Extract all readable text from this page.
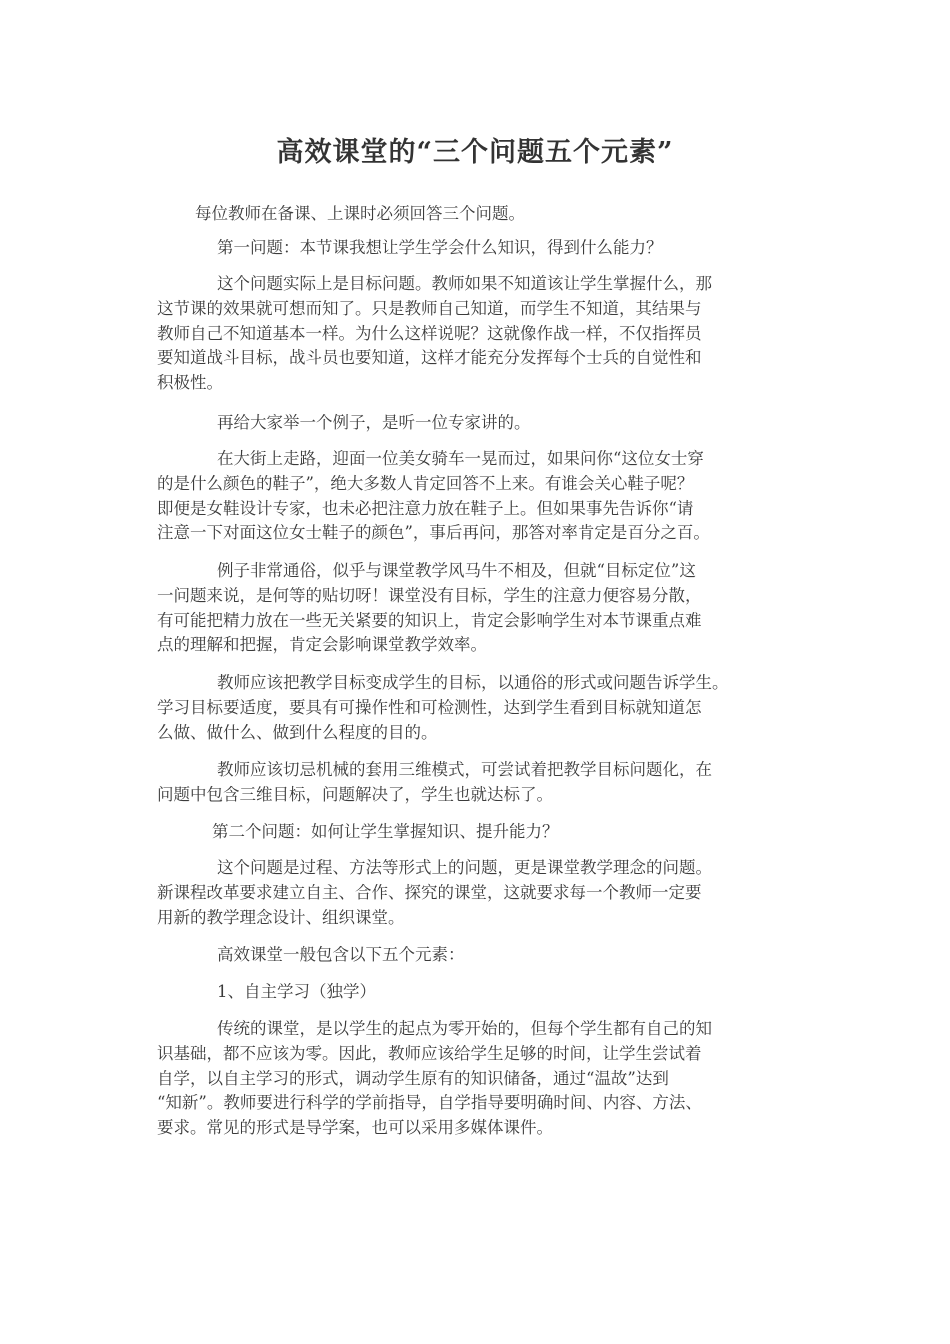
高效课堂的“三个问题五个元素”
每位教师在备课、上课时必须回答三个问题。
第一问题：本节课我想让学生学会什么知识，得到什么能力？
这个问题实际上是目标问题。教师如果不知道该让学生掌握什么，那
这节课的效果就可想而知了。只是教师自己知道，而学生不知道，其结果与
教师自己不知道基本一样。为什么这样说呢？这就像作战一样，不仅指挥员
要知道战斗目标，战斗员也要知道，这样才能充分发挥每个士兵的自觉性和
积极性。
再给大家举一个例子，是听一位专家讲的。
在大街上走路，迎面一位美女骑车一晃而过，如果问你“这位女士穿
的是什么颜色的鞋子”，绝大多数人肯定回答不上来。有谁会关心鞋子呢？
即便是女鞋设计专家，也未必把注意力放在鞋子上。但如果事先告诉你“请
注意一下对面这位女士鞋子的颜色”，事后再问，那答对率肯定是百分之百。
例子非常通俗，似乎与课堂教学风马牛不相及，但就“目标定位”这
一问题来说，是何等的贴切呀！课堂没有目标，学生的注意力便容易分散，
有可能把精力放在一些无关紧要的知识上，肯定会影响学生对本节课重点难
点的理解和把握，肯定会影响课堂教学效率。
教师应该把教学目标变成学生的目标，以通俗的形式或问题告诉学生。
学习目标要适度，要具有可操作性和可检测性，达到学生看到目标就知道怎
么做、做什么、做到什么程度的目的。
教师应该切忌机械的套用三维模式，可尝试着把教学目标问题化，在
问题中包含三维目标，问题解决了，学生也就达标了。
第二个问题：如何让学生掌握知识、提升能力？
这个问题是过程、方法等形式上的问题，更是课堂教学理念的问题。
新课程改革要求建立自主、合作、探究的课堂，这就要求每一个教师一定要
用新的教学理念设计、组织课堂。
高效课堂一般包含以下五个元素：
1、自主学习（独学）
传统的课堂，是以学生的起点为零开始的，但每个学生都有自己的知
识基础，都不应该为零。因此，教师应该给学生足够的时间，让学生尝试着
自学，以自主学习的形式，调动学生原有的知识储备，通过“温故”达到
“知新”。教师要进行科学的学前指导，自学指导要明确时间、内容、方法、
要求。常见的形式是导学案，也可以采用多媒体课件。
